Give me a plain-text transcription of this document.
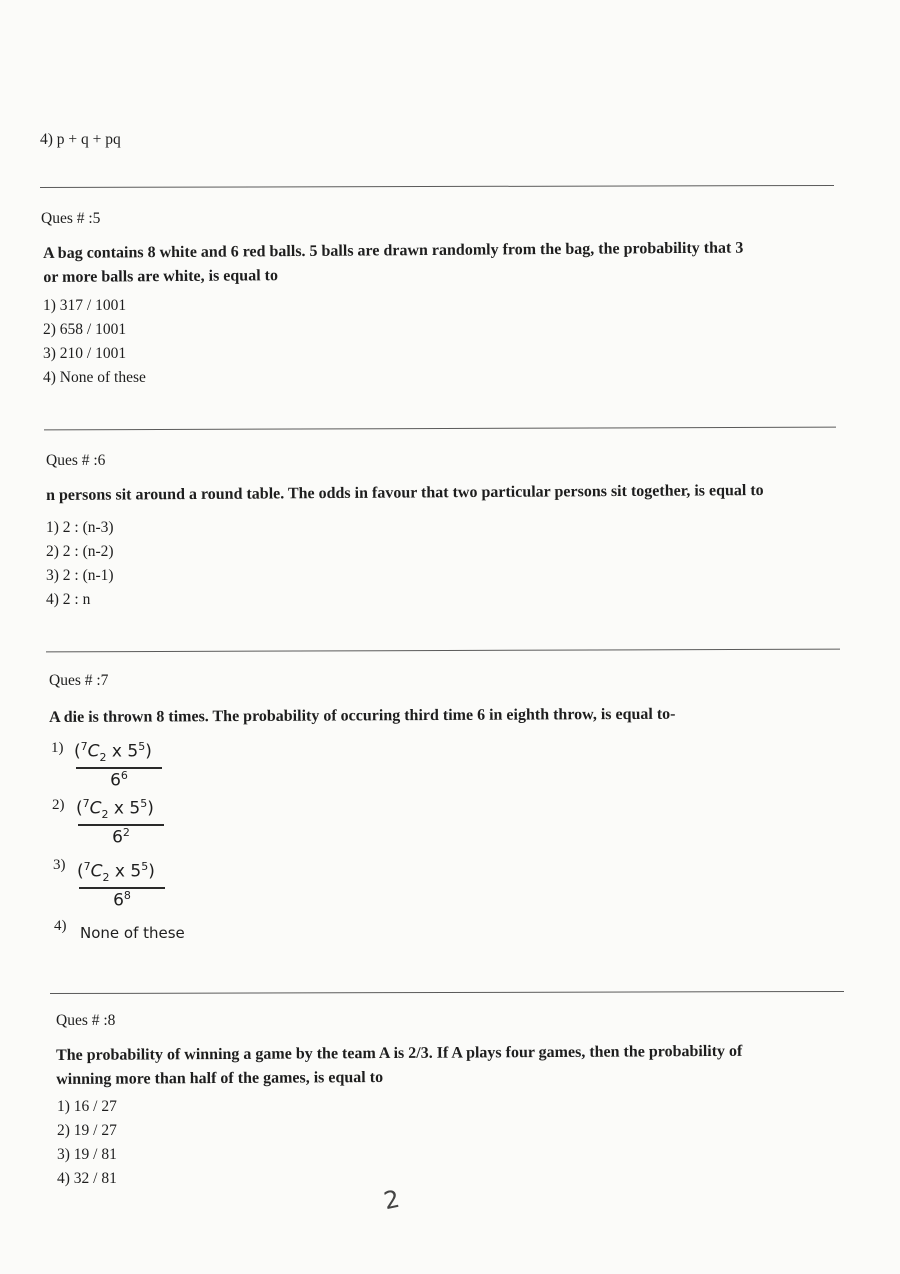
4) p + q + pq
Ques # :5
A bag contains 8 white and 6 red balls. 5 balls are drawn randomly from the bag, the probability that 3
or more balls are white, is equal to
1) 317 / 1001
2) 658 / 1001
3) 210 / 1001
4) None of these
Ques # :6
n persons sit around a round table. The odds in favour that two particular persons sit together, is equal to
1) 2 : (n-3)
2) 2 : (n-2)
3) 2 : (n-1)
4) 2 : n
Ques # :7
A die is thrown 8 times. The probability of occuring third time 6 in eighth throw, is equal to-
1) ($^7C_2$ x $5^5$)
$6^6$
2) ($^7C_2$ x $5^5$)
$6^2$
3) ($^7C_2$ x $5^5$)
$6^8$
4) None of these
Ques # :8
The probability of winning a game by the team A is 2/3. If A plays four games, then the probability of
winning more than half of the games, is equal to
1) 16 / 27
2) 19 / 27
3) 19 / 81
4) 32 / 81
2
